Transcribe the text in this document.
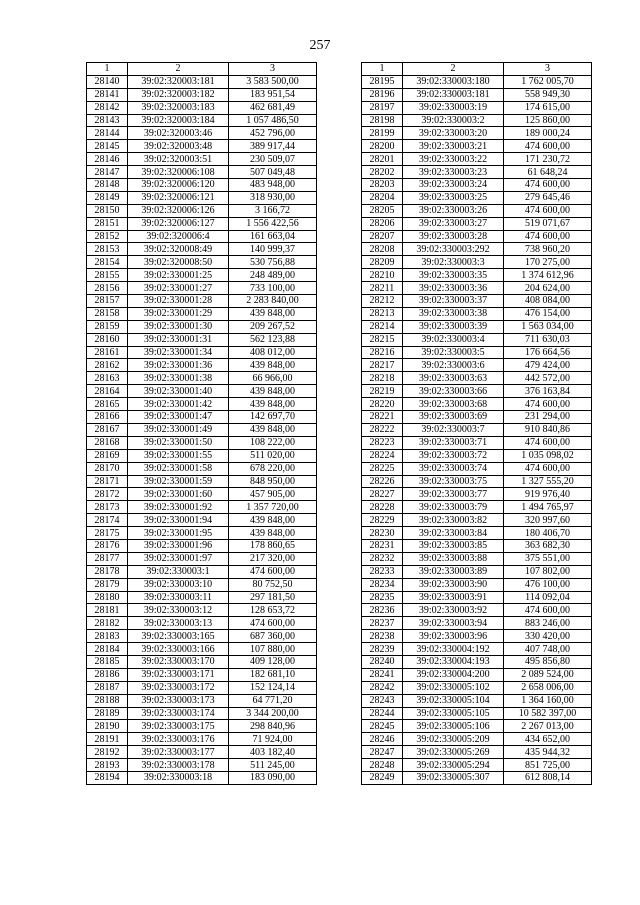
257
1	2	3
28140	39:02:320003:181	3 583 500,00
28141	39:02:320003:182	183 951,54
28142	39:02:320003:183	462 681,49
28143	39:02:320003:184	1 057 486,50
28144	39:02:320003:46	452 796,00
28145	39:02:320003:48	389 917,44
28146	39:02:320003:51	230 509,07
28147	39:02:320006:108	507 049,48
28148	39:02:320006:120	483 948,00
28149	39:02:320006:121	318 930,00
28150	39:02:320006:126	3 166,72
28151	39:02:320006:127	1 556 422,56
28152	39:02:320006:4	161 663,04
28153	39:02:320008:49	140 999,37
28154	39:02:320008:50	530 756,88
28155	39:02:330001:25	248 489,00
28156	39:02:330001:27	733 100,00
28157	39:02:330001:28	2 283 840,00
28158	39:02:330001:29	439 848,00
28159	39:02:330001:30	209 267,52
28160	39:02:330001:31	562 123,88
28161	39:02:330001:34	408 012,00
28162	39:02:330001:36	439 848,00
28163	39:02:330001:38	66 966,00
28164	39:02:330001:40	439 848,00
28165	39:02:330001:42	439 848,00
28166	39:02:330001:47	142 697,70
28167	39:02:330001:49	439 848,00
28168	39:02:330001:50	108 222,00
28169	39:02:330001:55	511 020,00
28170	39:02:330001:58	678 220,00
28171	39:02:330001:59	848 950,00
28172	39:02:330001:60	457 905,00
28173	39:02:330001:92	1 357 720,00
28174	39:02:330001:94	439 848,00
28175	39:02:330001:95	439 848,00
28176	39:02:330001:96	178 860,65
28177	39:02:330001:97	217 320,00
28178	39:02:330003:1	474 600,00
28179	39:02:330003:10	80 752,50
28180	39:02:330003:11	297 181,50
28181	39:02:330003:12	128 653,72
28182	39:02:330003:13	474 600,00
28183	39:02:330003:165	687 360,00
28184	39:02:330003:166	107 880,00
28185	39:02:330003:170	409 128,00
28186	39:02:330003:171	182 681,10
28187	39:02:330003:172	152 124,14
28188	39:02:330003:173	64 771,20
28189	39:02:330003:174	3 344 200,00
28190	39:02:330003:175	298 840,96
28191	39:02:330003:176	71 924,00
28192	39:02:330003:177	403 182,40
28193	39:02:330003:178	511 245,00
28194	39:02:330003:18	183 090,00
1	2	3
28195	39:02:330003:180	1 762 005,70
28196	39:02:330003:181	558 949,30
28197	39:02:330003:19	174 615,00
28198	39:02:330003:2	125 860,00
28199	39:02:330003:20	189 000,24
28200	39:02:330003:21	474 600,00
28201	39:02:330003:22	171 230,72
28202	39:02:330003:23	61 648,24
28203	39:02:330003:24	474 600,00
28204	39:02:330003:25	279 645,46
28205	39:02:330003:26	474 600,00
28206	39:02:330003:27	519 071,67
28207	39:02:330003:28	474 600,00
28208	39:02:330003:292	738 960,20
28209	39:02:330003:3	170 275,00
28210	39:02:330003:35	1 374 612,96
28211	39:02:330003:36	204 624,00
28212	39:02:330003:37	408 084,00
28213	39:02:330003:38	476 154,00
28214	39:02:330003:39	1 563 034,00
28215	39:02:330003:4	711 630,03
28216	39:02:330003:5	176 664,56
28217	39:02:330003:6	479 424,00
28218	39:02:330003:63	442 572,00
28219	39:02:330003:66	376 163,84
28220	39:02:330003:68	474 600,00
28221	39:02:330003:69	231 294,00
28222	39:02:330003:7	910 840,86
28223	39:02:330003:71	474 600,00
28224	39:02:330003:72	1 035 098,02
28225	39:02:330003:74	474 600,00
28226	39:02:330003:75	1 327 555,20
28227	39:02:330003:77	919 976,40
28228	39:02:330003:79	1 494 765,97
28229	39:02:330003:82	320 997,60
28230	39:02:330003:84	180 406,70
28231	39:02:330003:85	363 682,30
28232	39:02:330003:88	375 551,00
28233	39:02:330003:89	107 802,00
28234	39:02:330003:90	476 100,00
28235	39:02:330003:91	114 092,04
28236	39:02:330003:92	474 600,00
28237	39:02:330003:94	883 246,00
28238	39:02:330003:96	330 420,00
28239	39:02:330004:192	407 748,00
28240	39:02:330004:193	495 856,80
28241	39:02:330004:200	2 089 524,00
28242	39:02:330005:102	2 658 006,00
28243	39:02:330005:104	1 364 160,00
28244	39:02:330005:105	10 582 397,00
28245	39:02:330005:106	2 267 013,00
28246	39:02:330005:209	434 652,00
28247	39:02:330005:269	435 944,32
28248	39:02:330005:294	851 725,00
28249	39:02:330005:307	612 808,14
